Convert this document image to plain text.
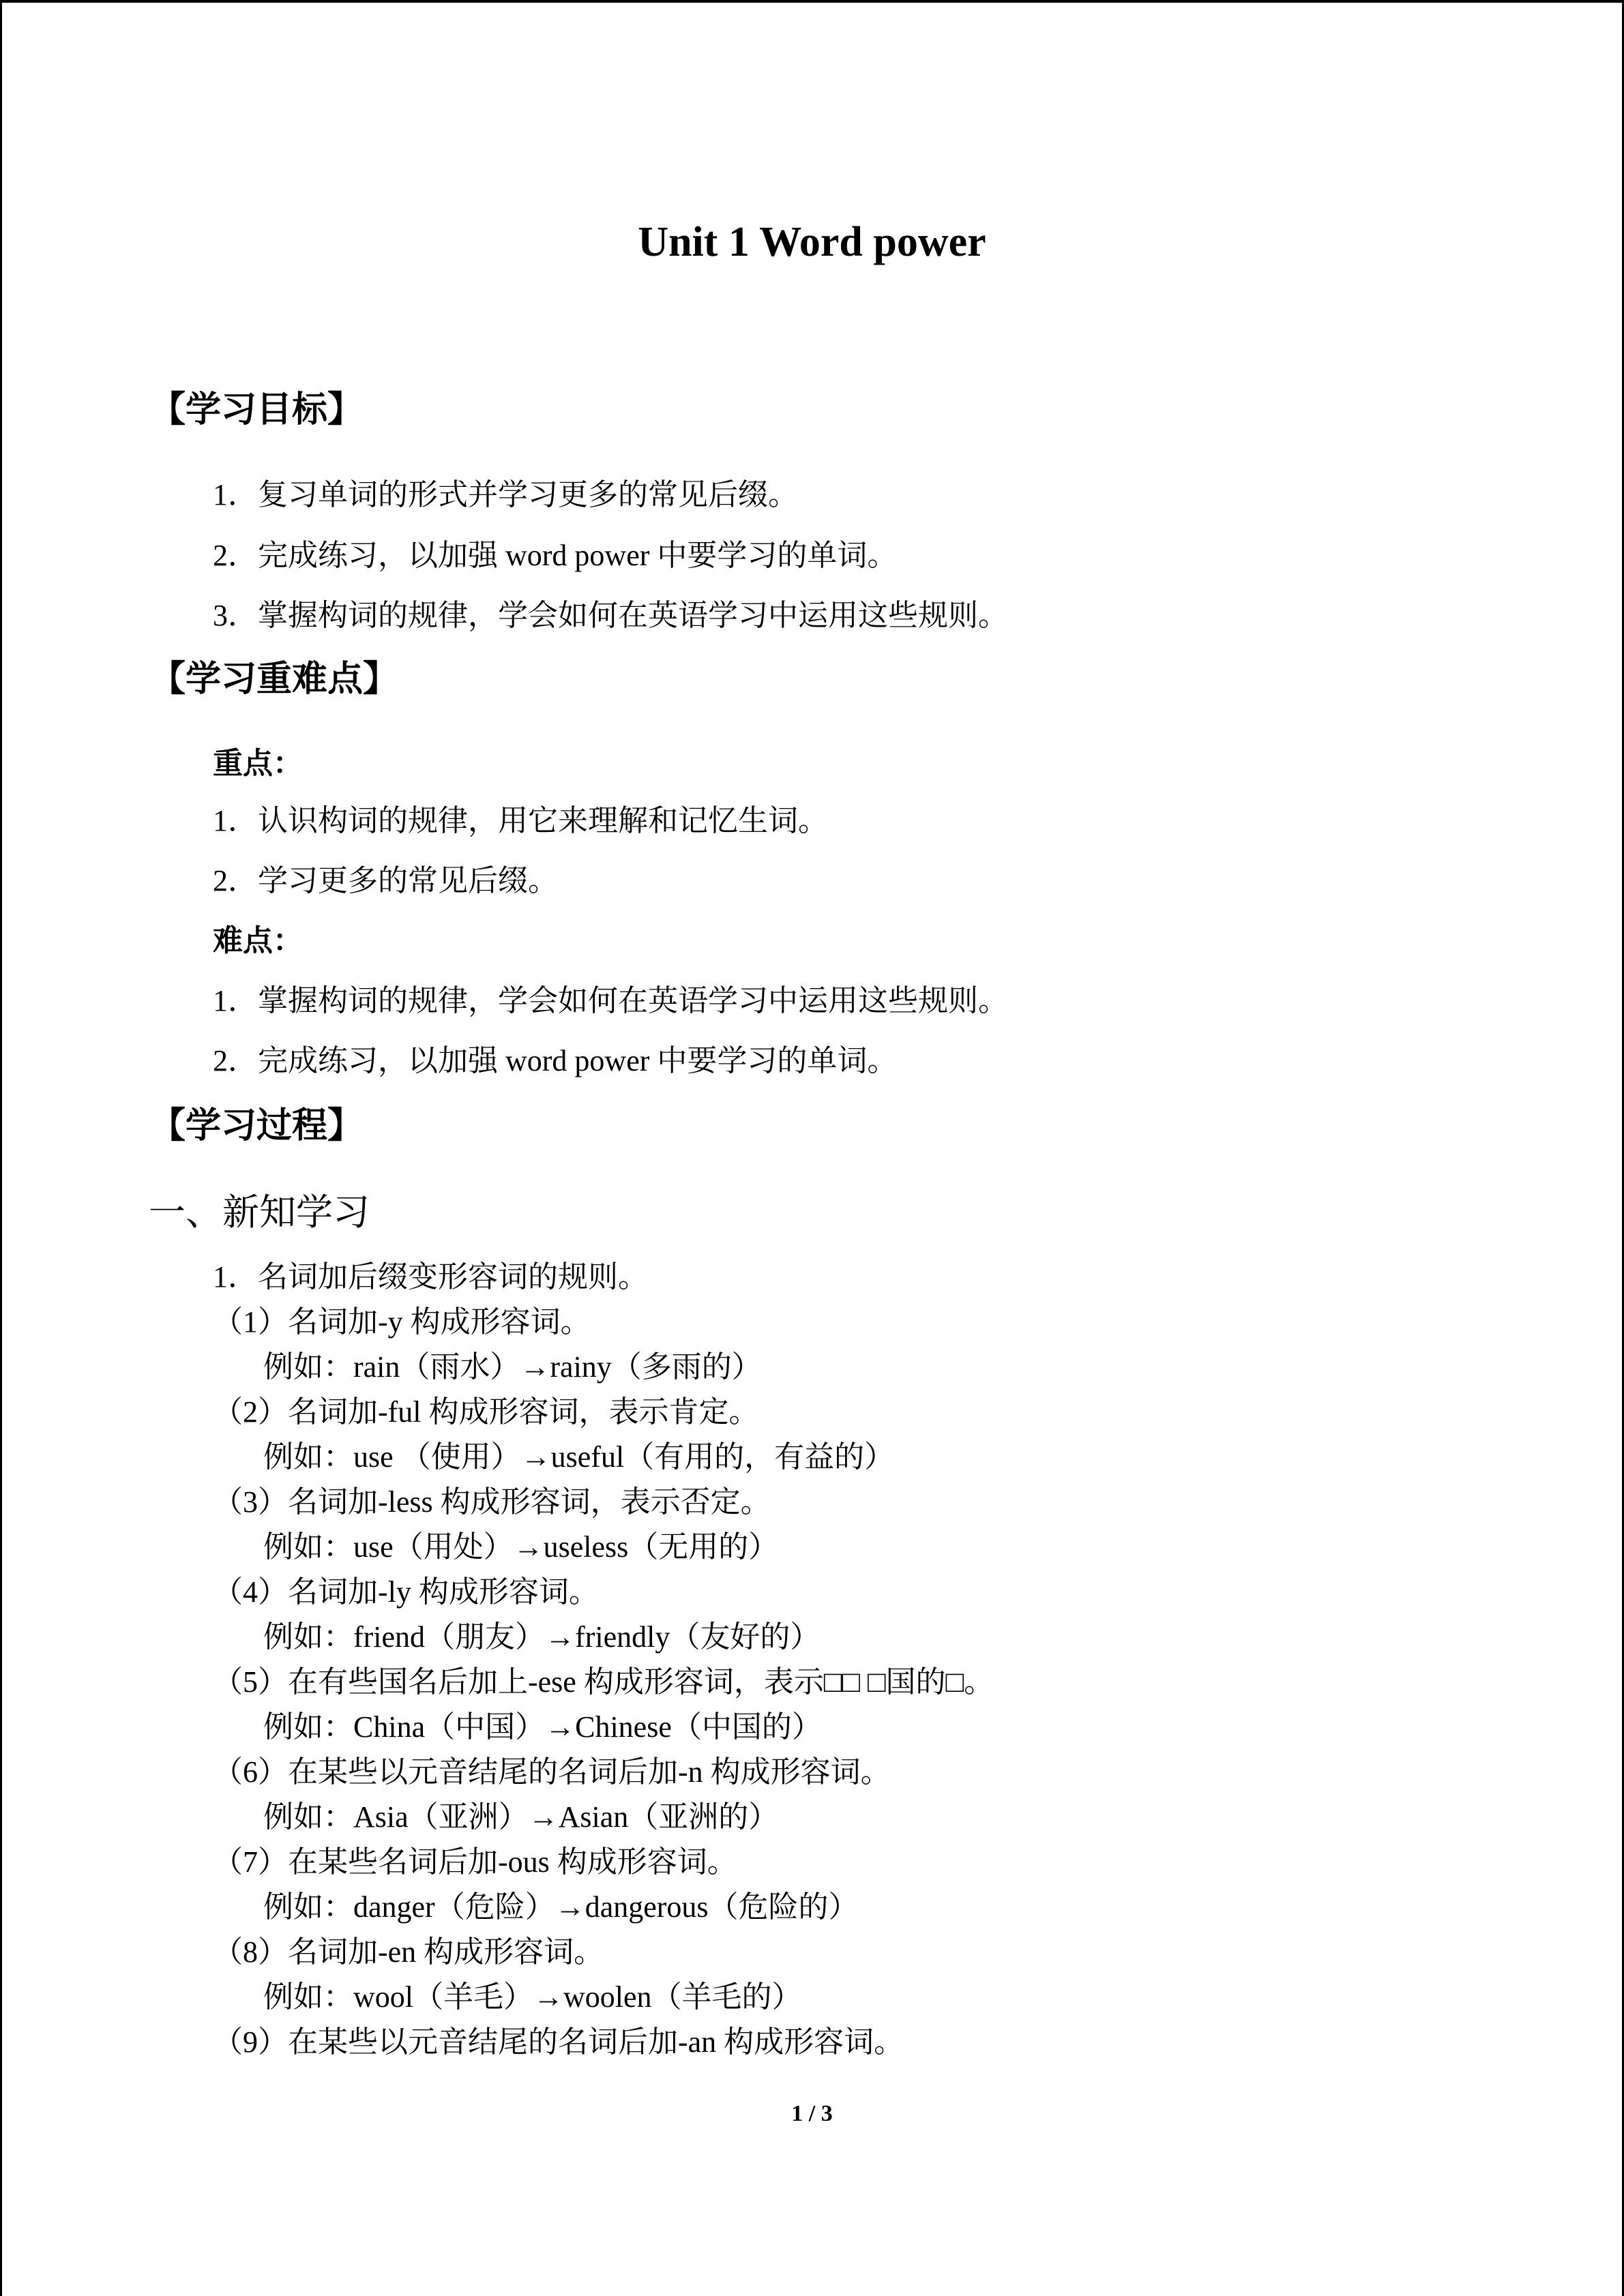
Unit 1 Word power
【学习目标】
1．复习单词的形式并学习更多的常见后缀。
2．完成练习，以加强 word power 中要学习的单词。
3．掌握构词的规律，学会如何在英语学习中运用这些规则。
【学习重难点】
重点：
1．认识构词的规律，用它来理解和记忆生词。
2．学习更多的常见后缀。
难点：
1．掌握构词的规律，学会如何在英语学习中运用这些规则。
2．完成练习，以加强 word power 中要学习的单词。
【学习过程】
一、新知学习
1．名词加后缀变形容词的规则。
（1）名词加-y 构成形容词。
例如：rain（雨水）→rainy（多雨的）
（2）名词加-ful 构成形容词，表示肯定。
例如：use （使用）→useful（有用的，有益的）
（3）名词加-less 构成形容词，表示否定。
例如：use（用处）→useless（无用的）
（4）名词加-ly 构成形容词。
例如：friend（朋友）→friendly（友好的）
（5）在有些国名后加上-ese 构成形容词，表示□□ □国的□。
例如：China（中国）→Chinese（中国的）
（6）在某些以元音结尾的名词后加-n 构成形容词。
例如：Asia（亚洲）→Asian（亚洲的）
（7）在某些名词后加-ous 构成形容词。
例如：danger（危险）→dangerous（危险的）
（8）名词加-en 构成形容词。
例如：wool（羊毛）→woolen（羊毛的）
（9）在某些以元音结尾的名词后加-an 构成形容词。
1 / 3
